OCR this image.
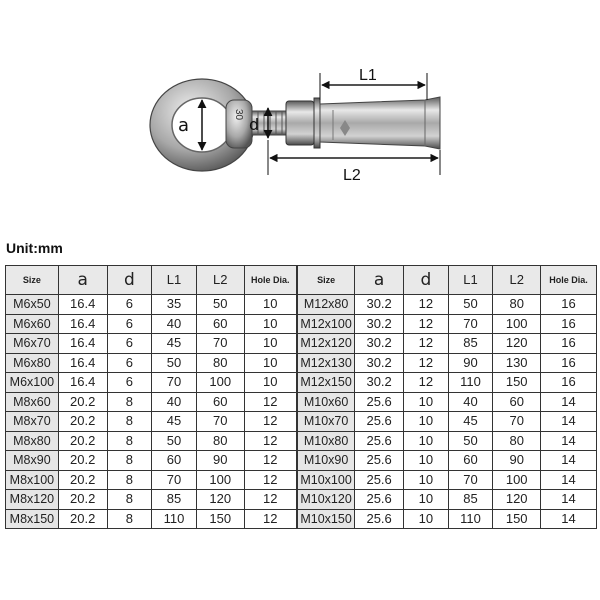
30
a	d
L1
L2
Unit:mm
Size	a	d	L1	L2	Hole Dia.	Size	a	d	L1	L2	Hole Dia.
M6x50	16.4	6	35	50	10	M12x80	30.2	12	50	80	16
M6x60	16.4	6	40	60	10	M12x100	30.2	12	70	100	16
M6x70	16.4	6	45	70	10	M12x120	30.2	12	85	120	16
M6x80	16.4	6	50	80	10	M12x130	30.2	12	90	130	16
M6x100	16.4	6	70	100	10	M12x150	30.2	12	110	150	16
M8x60	20.2	8	40	60	12	M10x60	25.6	10	40	60	14
M8x70	20.2	8	45	70	12	M10x70	25.6	10	45	70	14
M8x80	20.2	8	50	80	12	M10x80	25.6	10	50	80	14
M8x90	20.2	8	60	90	12	M10x90	25.6	10	60	90	14
M8x100	20.2	8	70	100	12	M10x100	25.6	10	70	100	14
M8x120	20.2	8	85	120	12	M10x120	25.6	10	85	120	14
M8x150	20.2	8	110	150	12	M10x150	25.6	10	110	150	14
